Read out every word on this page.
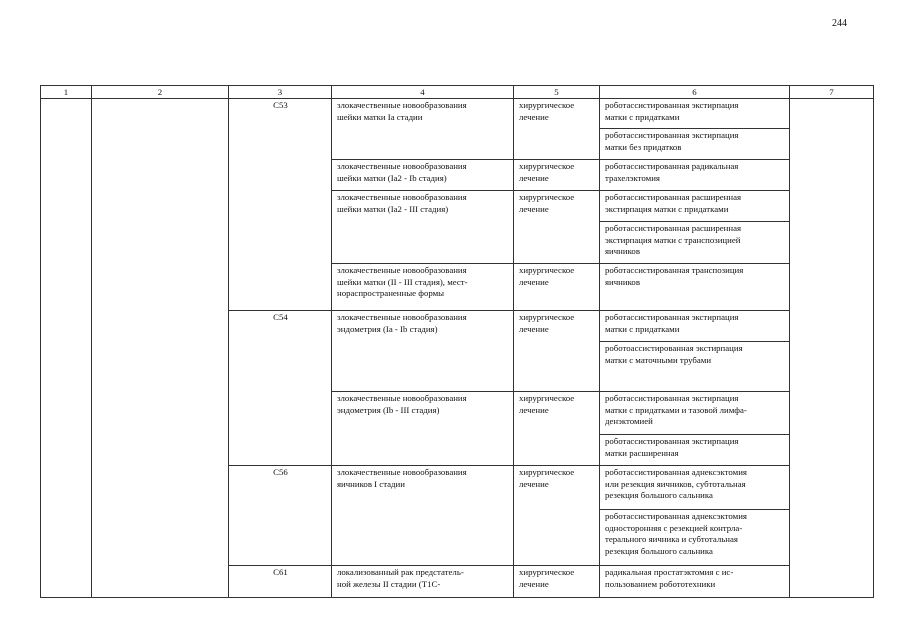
244
1	2	3	4	5	6	7
		C53	злокачественные новообразования
шейки матки Ia стадии	хирургическое
лечение	роботассистированная экстирпация
матки с придатками	

					роботассистированная экстирпация
матки без придатков	

			злокачественные новообразования
шейки матки (Ia2 - Ib стадия)	хирургическое
лечение	роботассистированная радикальная
трахелэктомия	

			злокачественные новообразования
шейки матки (Ia2 - III стадия)	хирургическое
лечение	роботассистированная расширенная
экстирпация матки с придатками	

					роботассистированная расширенная
экстирпация матки с транспозицией
яичников	

			злокачественные новообразования
шейки матки (II - III стадия), мест-
нораспространенные формы	хирургическое
лечение	роботассистированная транспозиция
яичников	

		C54	злокачественные новообразования
эндометрия (Ia - Ib стадия)	хирургическое
лечение	роботассистированная экстирпация
матки с придатками	

					роботоассистированная экстирпация
матки с маточными трубами	

			злокачественные новообразования
эндометрия (Ib - III стадия)	хирургическое
лечение	роботассистированная экстирпация
матки с придатками и тазовой лимфа-
денэктомией	

					роботассистированная экстирпация
матки расширенная	

		C56	злокачественные новообразования
яичников I стадии	хирургическое
лечение	роботассистированная аднексэктомия
или резекция яичников, субтотальная
резекция большого сальника	

					роботассистированная аднексэктомия
односторонняя с резекцией контрла-
терального яичника и субтотальная
резекция большого сальника	

		C61	локализованный рак предстатель-
ной железы II стадии (T1C-	хирургическое
лечение	радикальная простатэктомия с ис-
пользованием робототехники	
